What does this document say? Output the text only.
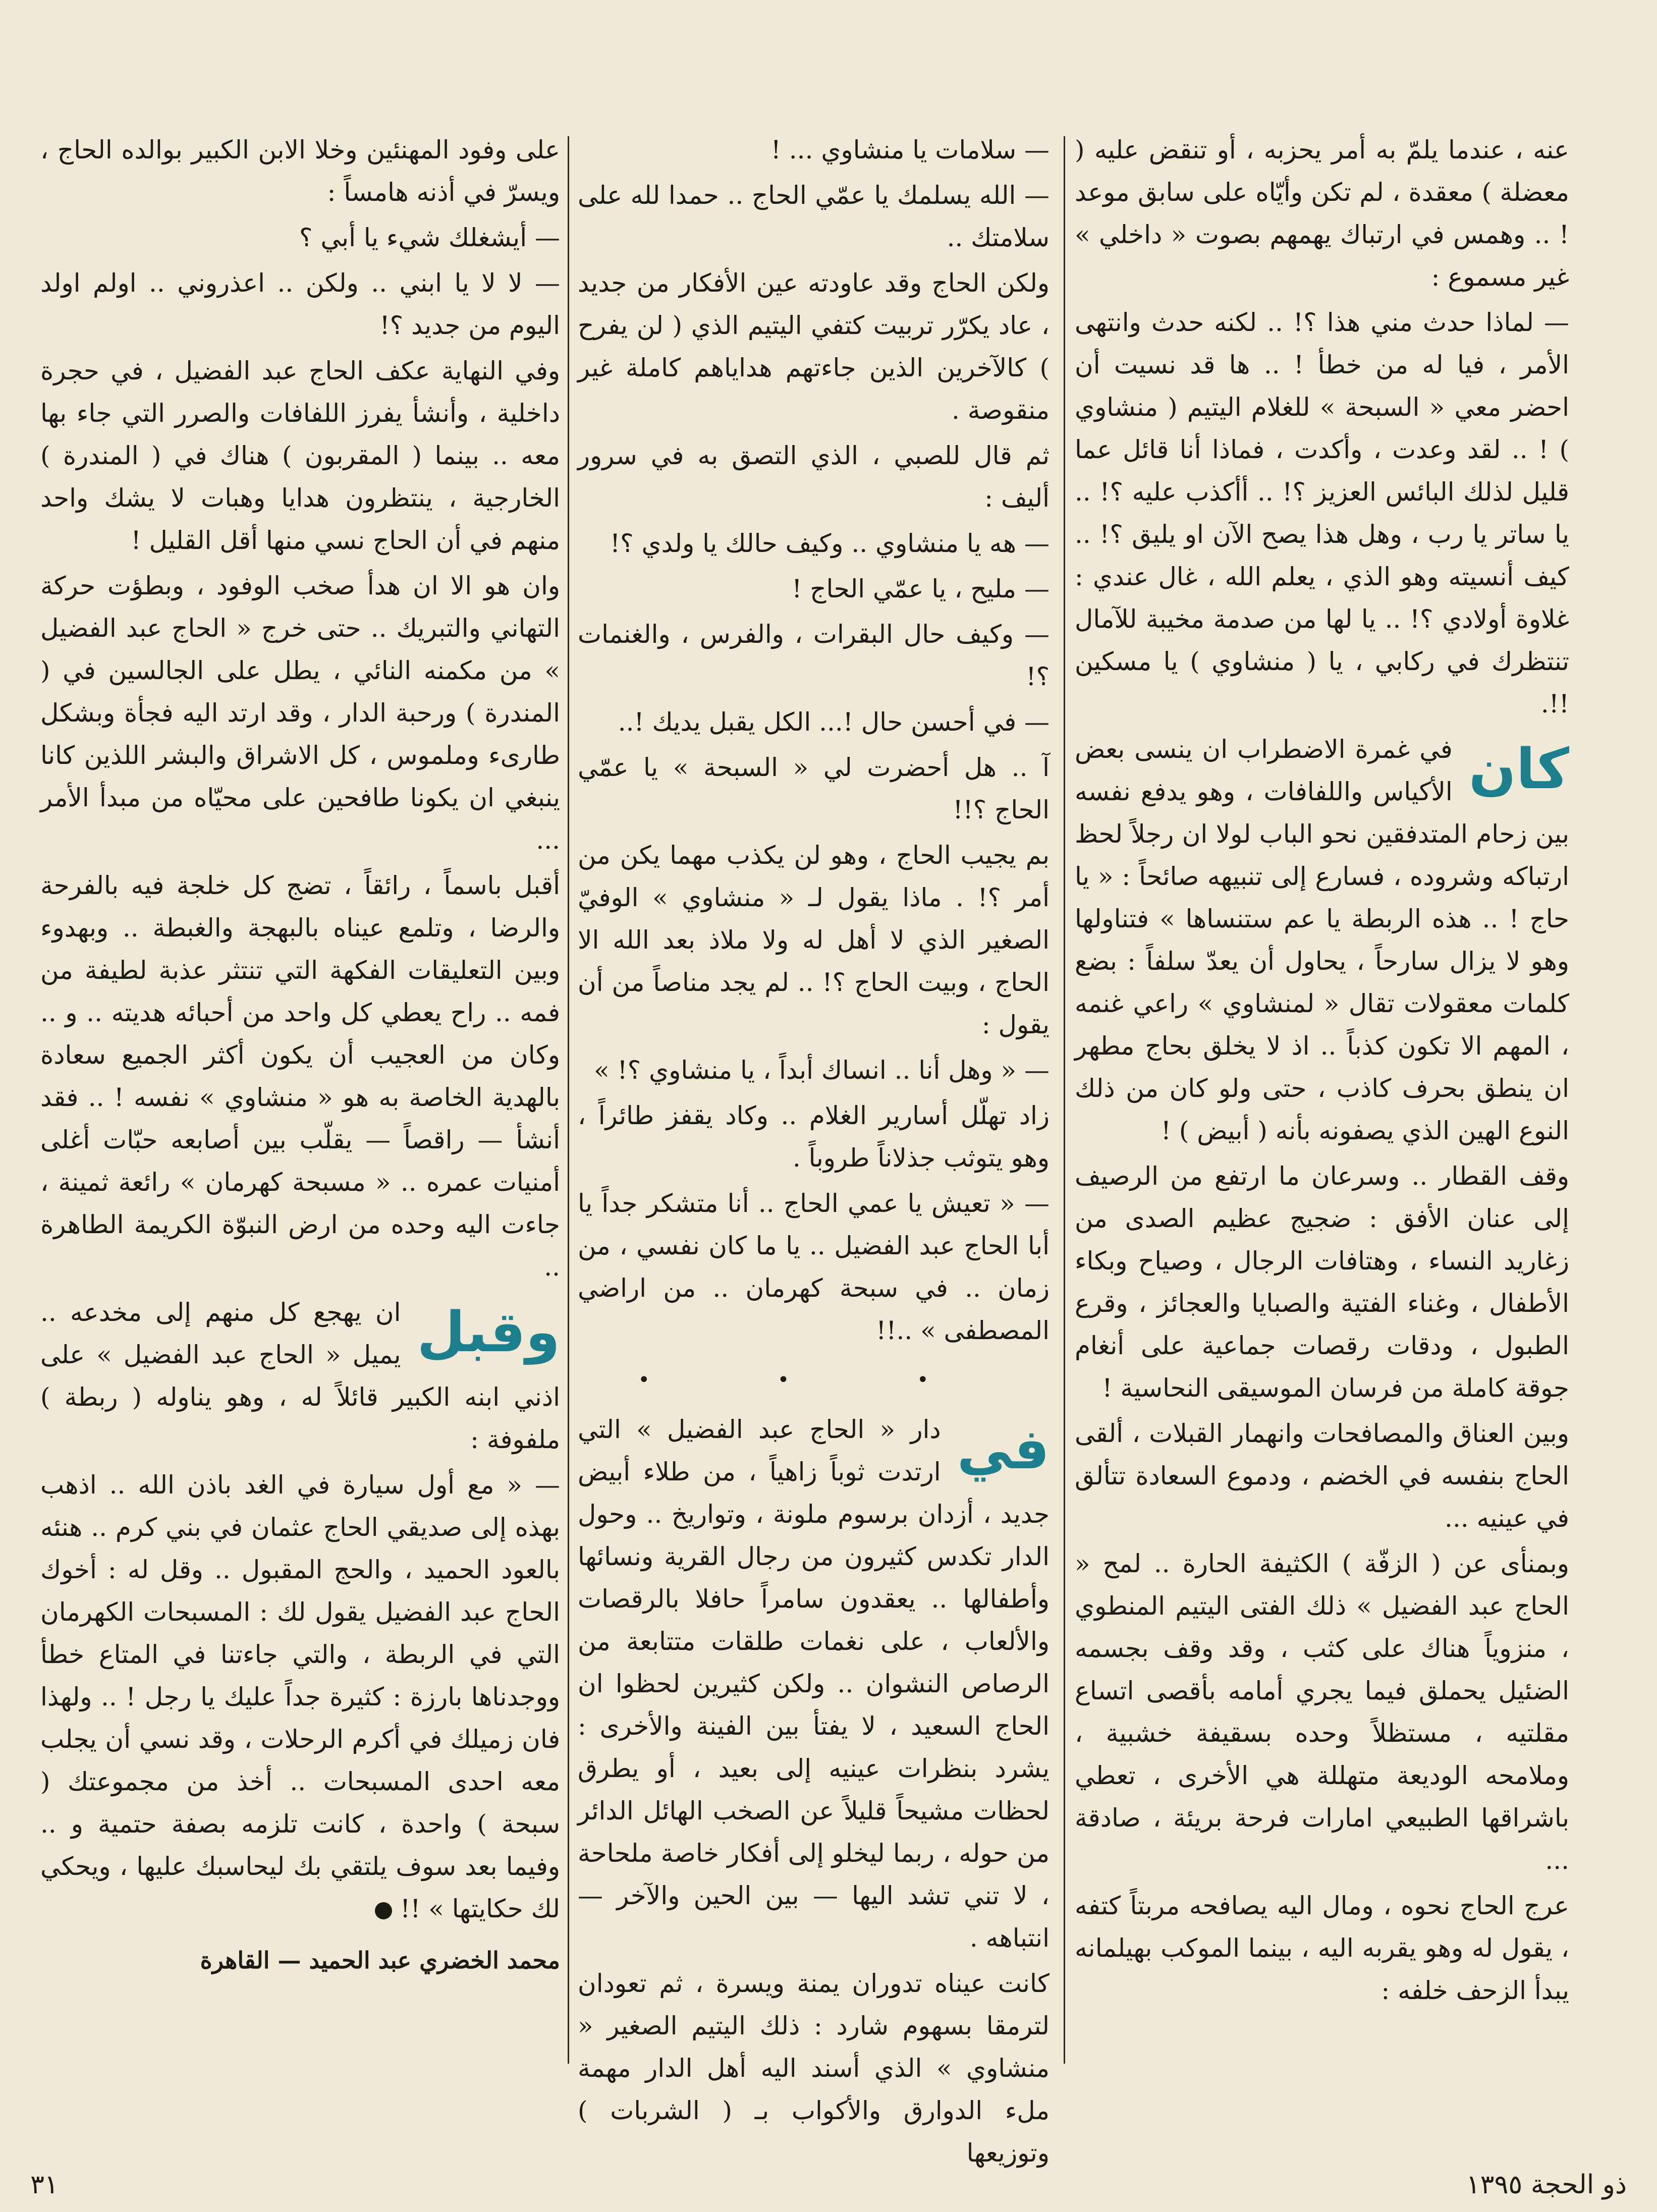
عنه ، عندما يلمّ به أمر يحزبه ، أو تنقض عليه ( معضلة ) معقدة ، لم تكن وأيّاه على سابق موعد ! .. وهمس في ارتباك يهمهم بصوت « داخلي » غير مسموع :

— لماذا حدث مني هذا ؟! .. لكنه حدث وانتهى الأمر ، فيا له من خطأ ! .. ها قد نسيت أن احضر معي « السبحة » للغلام اليتيم ( منشاوي ) ! .. لقد وعدت ، وأكدت ، فماذا أنا قائل عما قليل لذلك البائس العزيز ؟! .. أأكذب عليه ؟! .. يا ساتر يا رب ، وهل هذا يصح الآن او يليق ؟! .. كيف أنسيته وهو الذي ، يعلم الله ، غال عندي : غلاوة أولادي ؟! .. يا لها من صدمة مخيبة للآمال تنتظرك في ركابي ، يا ( منشاوي ) يا مسكين !!.

كان
في غمرة الاضطراب ان ينسى بعض الأكياس واللفافات ، وهو يدفع نفسه بين زحام المتدفقين نحو الباب لولا ان رجلاً لحظ ارتباكه وشروده ، فسارع إلى تنبيهه صائحاً : « يا حاج ! .. هذه الربطة يا عم ستنساها » فتناولها وهو لا يزال سارحاً ، يحاول أن يعدّ سلفاً : بضع كلمات معقولات تقال « لمنشاوي » راعي غنمه ، المهم الا تكون كذباً .. اذ لا يخلق بحاج مطهر ان ينطق بحرف كاذب ، حتى ولو كان من ذلك النوع الهين الذي يصفونه بأنه ( أبيض ) !

وقف القطار .. وسرعان ما ارتفع من الرصيف إلى عنان الأفق : ضجيج عظيم الصدى من زغاريد النساء ، وهتافات الرجال ، وصياح وبكاء الأطفال ، وغناء الفتية والصبايا والعجائز ، وقرع الطبول ، ودقات رقصات جماعية على أنغام جوقة كاملة من فرسان الموسيقى النحاسية !

وبين العناق والمصافحات وانهمار القبلات ، ألقى الحاج بنفسه في الخضم ، ودموع السعادة تتألق في عينيه ...

وبمنأى عن ( الزفّة ) الكثيفة الحارة .. لمح « الحاج عبد الفضيل » ذلك الفتى اليتيم المنطوي ، منزوياً هناك على كثب ، وقد وقف بجسمه الضئيل يحملق فيما يجري أمامه بأقصى اتساع مقلتيه ، مستظلاً وحده بسقيفة خشبية ، وملامحه الوديعة متهللة هي الأخرى ، تعطي باشراقها الطبيعي امارات فرحة بريئة ، صادقة ...

عرج الحاج نحوه ، ومال اليه يصافحه مربتاً كتفه ، يقول له وهو يقربه اليه ، بينما الموكب بهيلمانه يبدأ الزحف خلفه :

— سلامات يا منشاوي ... !

— الله يسلمك يا عمّي الحاج .. حمدا لله على سلامتك ..

ولكن الحاج وقد عاودته عين الأفكار من جديد ، عاد يكرّر تربيت كتفي اليتيم الذي ( لن يفرح ) كالآخرين الذين جاءتهم هداياهم كاملة غير منقوصة .

ثم قال للصبي ، الذي التصق به في سرور أليف :

— هه يا منشاوي .. وكيف حالك يا ولدي ؟!

— مليح ، يا عمّي الحاج !

— وكيف حال البقرات ، والفرس ، والغنمات ؟!

— في أحسن حال !... الكل يقبل يديك !..

آ .. هل أحضرت لي « السبحة » يا عمّي الحاج ؟!!

بم يجيب الحاج ، وهو لن يكذب مهما يكن من أمر ؟! . ماذا يقول لـ « منشاوي » الوفيّ الصغير الذي لا أهل له ولا ملاذ بعد الله الا الحاج ، وبيت الحاج ؟! .. لم يجد مناصاً من أن يقول :

— « وهل أنا .. انساك أبداً ، يا منشاوي ؟! »

زاد تهلّل أسارير الغلام .. وكاد يقفز طائراً ، وهو يتوثب جذلاناً طروباً .

— « تعيش يا عمي الحاج .. أنا متشكر جداً يا أبا الحاج عبد الفضيل .. يا ما كان نفسي ، من زمان .. في سبحة كهرمان .. من اراضي المصطفى » ..!!

• • •

في
دار « الحاج عبد الفضيل » التي ارتدت ثوباً زاهياً ، من طلاء أبيض جديد ، أزدان برسوم ملونة ، وتواريخ .. وحول الدار تكدس كثيرون من رجال القرية ونسائها وأطفالها .. يعقدون سامراً حافلا بالرقصات والألعاب ، على نغمات طلقات متتابعة من الرصاص النشوان .. ولكن كثيرين لحظوا ان الحاج السعيد ، لا يفتأ بين الفينة والأخرى : يشرد بنظرات عينيه إلى بعيد ، أو يطرق لحظات مشيحاً قليلاً عن الصخب الهائل الدائر من حوله ، ربما ليخلو إلى أفكار خاصة ملحاحة ، لا تني تشد اليها — بين الحين والآخر — انتباهه .

كانت عيناه تدوران يمنة ويسرة ، ثم تعودان لترمقا بسهوم شارد : ذلك اليتيم الصغير « منشاوي » الذي أسند اليه أهل الدار مهمة ملء الدوارق والأكواب بـ ( الشربات ) وتوزيعها

على وفود المهنئين وخلا الابن الكبير بوالده الحاج ، ويسرّ في أذنه هامساً :

— أيشغلك شيء يا أبي ؟

— لا لا يا ابني .. ولكن .. اعذروني .. اولم اولد اليوم من جديد ؟!

وفي النهاية عكف الحاج عبد الفضيل ، في حجرة داخلية ، وأنشأ يفرز اللفافات والصرر التي جاء بها معه .. بينما ( المقربون ) هناك في ( المندرة ) الخارجية ، ينتظرون هدايا وهبات لا يشك واحد منهم في أن الحاج نسي منها أقل القليل !

وان هو الا ان هدأ صخب الوفود ، وبطؤت حركة التهاني والتبريك .. حتى خرج « الحاج عبد الفضيل » من مكمنه النائي ، يطل على الجالسين في ( المندرة ) ورحبة الدار ، وقد ارتد اليه فجأة وبشكل طارىء وملموس ، كل الاشراق والبشر اللذين كانا ينبغي ان يكونا طافحين على محيّاه من مبدأ الأمر ...

أقبل باسماً ، رائقاً ، تضج كل خلجة فيه بالفرحة والرضا ، وتلمع عيناه بالبهجة والغبطة .. وبهدوء وبين التعليقات الفكهة التي تنتثر عذبة لطيفة من فمه .. راح يعطي كل واحد من أحبائه هديته .. و .. وكان من العجيب أن يكون أكثر الجميع سعادة بالهدية الخاصة به هو « منشاوي » نفسه ! .. فقد أنشأ — راقصاً — يقلّب بين أصابعه حبّات أغلى أمنيات عمره .. « مسبحة كهرمان » رائعة ثمينة ، جاءت اليه وحده من ارض النبوّة الكريمة الطاهرة ..

وقبل
ان يهجع كل منهم إلى مخدعه .. يميل « الحاج عبد الفضيل » على اذني ابنه الكبير قائلاً له ، وهو يناوله ( ربطة ) ملفوفة :

— « مع أول سيارة في الغد باذن الله .. اذهب بهذه إلى صديقي الحاج عثمان في بني كرم .. هنئه بالعود الحميد ، والحج المقبول .. وقل له : أخوك الحاج عبد الفضيل يقول لك : المسبحات الكهرمان التي في الربطة ، والتي جاءتنا في المتاع خطأ ووجدناها بارزة : كثيرة جداً عليك يا رجل ! .. ولهذا فان زميلك في أكرم الرحلات ، وقد نسي أن يجلب معه احدى المسبحات .. أخذ من مجموعتك ( سبحة ) واحدة ، كانت تلزمه بصفة حتمية و .. وفيما بعد سوف يلتقي بك ليحاسبك عليها ، ويحكي لك حكايتها » !!

محمد الخضري عبد الحميد — القاهرة
٣١	ذو الحجة ١٣٩٥
